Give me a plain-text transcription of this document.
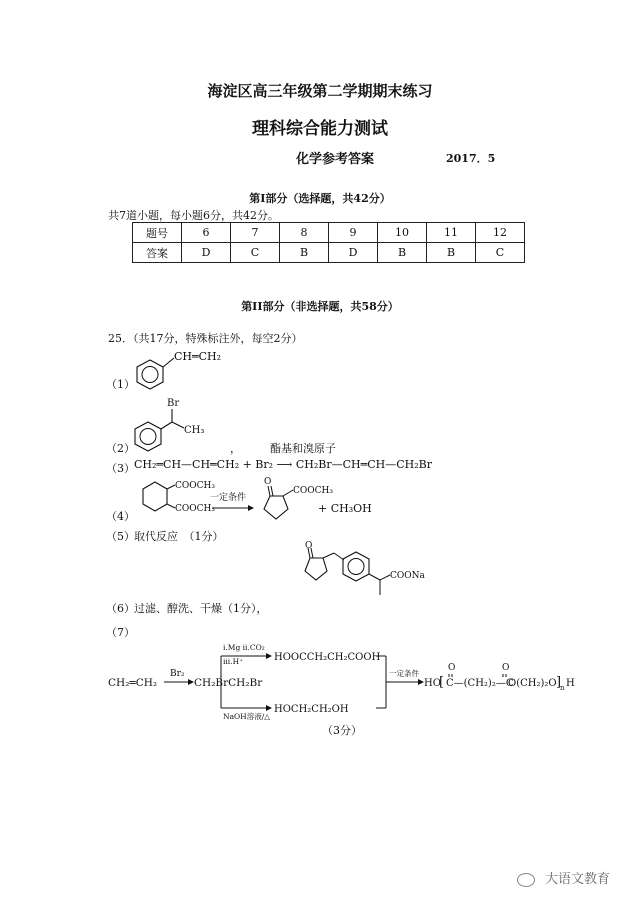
海淀区高三年级第二学期期末练习
理科综合能力测试
化学参考答案	2017．5
第I部分（选择题，共42分）
共7道小题，每小题6分，共42分。
题号	6	7	8	9	10	11	12
答案	D	C	B	D	B	B	C
第II部分（非选择题，共58分）
25．（共17分，特殊标注外，每空2分）
（1）
CH═CH₂
（2）
Br
CH₃
，	酯基和溴原子
（3） CH₂═CH—CH═CH₂ + Br₂ ⟶ CH₂Br—CH═CH—CH₂Br
（4）
COOCH₃
COOCH₃
一定条件
O
COOCH₃
+ CH₃OH
（5） 取代反应　（1分）
O
COONa
（6） 过滤、醇洗、干燥（1分），
（7）
CH₂═CH₂
Br₂
CH₂BrCH₂Br
i.Mg ii.CO₂
iii.H⁺	HOOCCH₂CH₂COOH
NaOH溶液/△
HOCH₂CH₂OH
一定条件
HO
[ C—(CH₂)₂—C
O	O
O(CH₂)₂O ]
n H
（3分）
大语文教育
